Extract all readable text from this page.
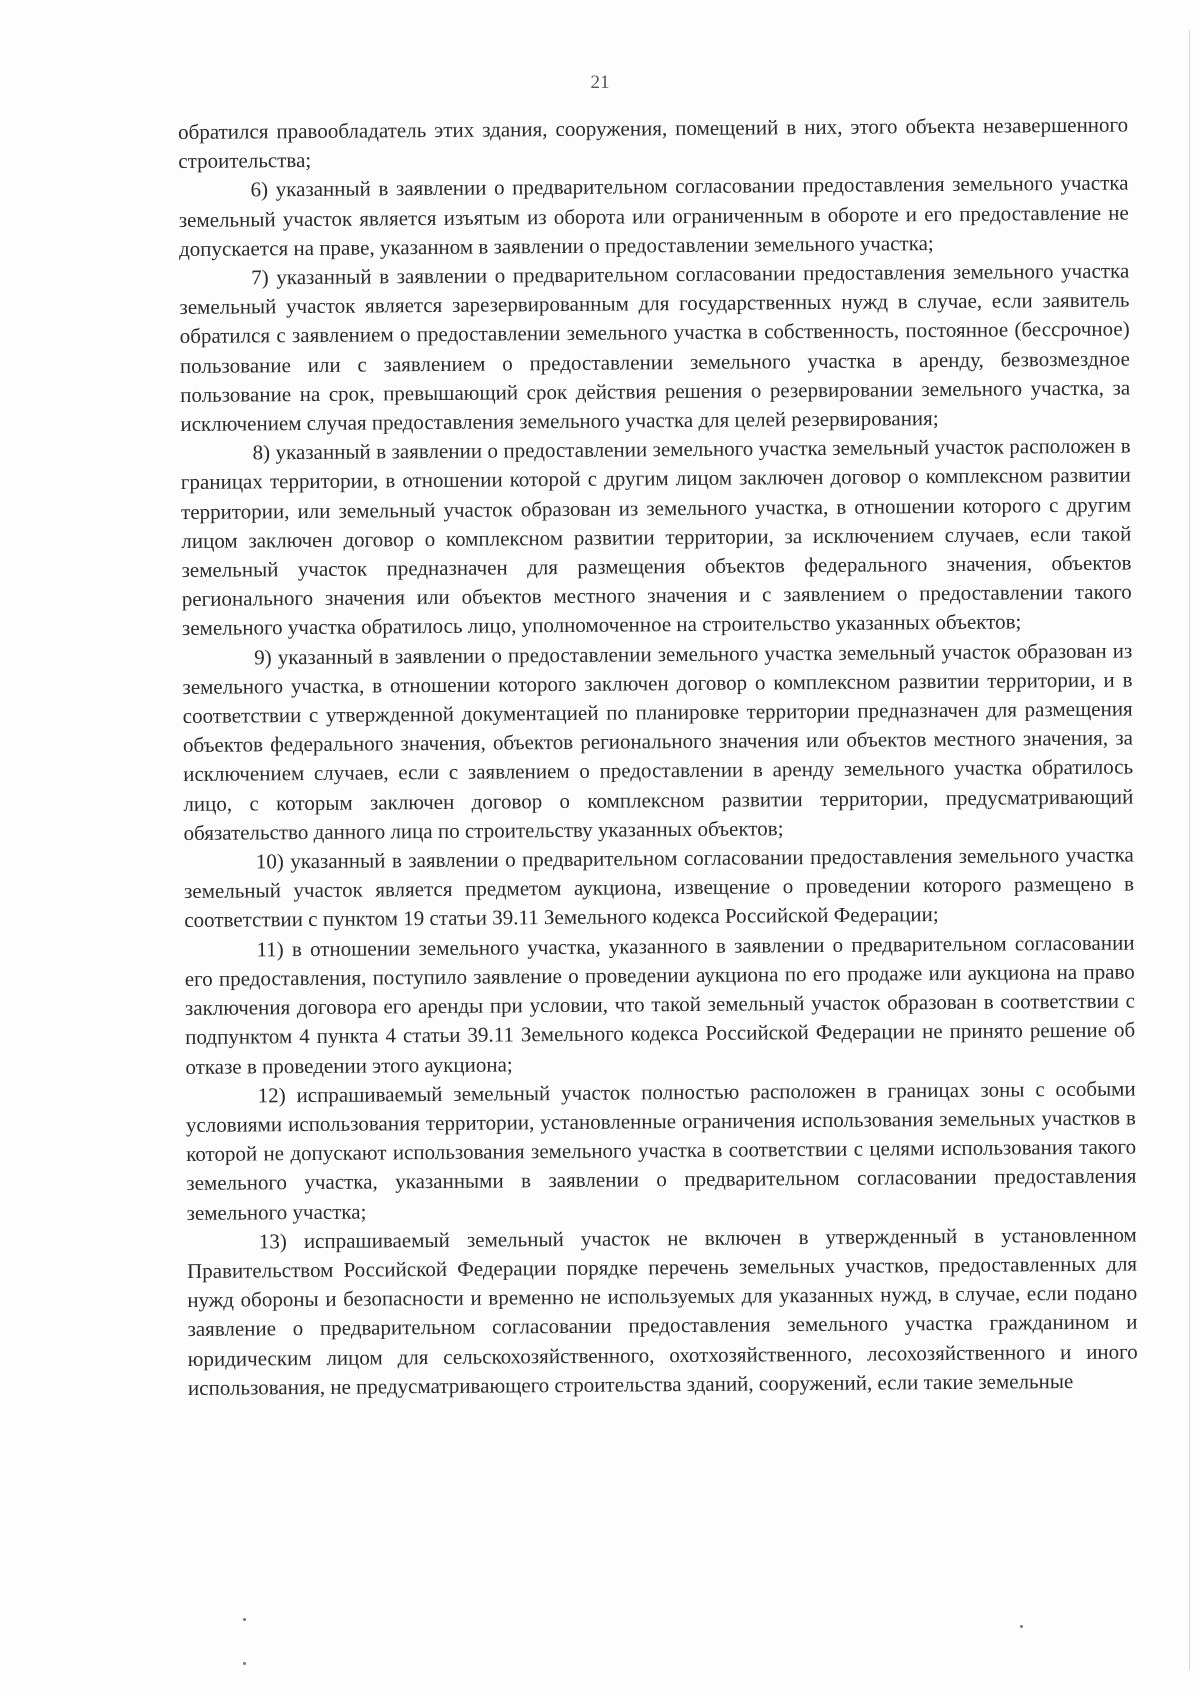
21

обратился правообладатель этих здания, сооружения, помещений в них, этого объекта незавершенного строительства;

6) указанный в заявлении о предварительном согласовании предоставления земельного участка земельный участок является изъятым из оборота или ограниченным в обороте и его предоставление не допускается на праве, указанном в заявлении о предоставлении земельного участка;

7) указанный в заявлении о предварительном согласовании предоставления земельного участка земельный участок является зарезервированным для государственных нужд в случае, если заявитель обратился с заявлением о предоставлении земельного участка в собственность, постоянное (бессрочное) пользование или с заявлением о предоставлении земельного участка в аренду, безвозмездное пользование на срок, превышающий срок действия решения о резервировании земельного участка, за исключением случая предоставления земельного участка для целей резервирования;

8) указанный в заявлении о предоставлении земельного участка земельный участок расположен в границах территории, в отношении которой с другим лицом заключен договор о комплексном развитии территории, или земельный участок образован из земельного участка, в отношении которого с другим лицом заключен договор о комплексном развитии территории, за исключением случаев, если такой земельный участок предназначен для размещения объектов федерального значения, объектов регионального значения или объектов местного значения и с заявлением о предоставлении такого земельного участка обратилось лицо, уполномоченное на строительство указанных объектов;

9) указанный в заявлении о предоставлении земельного участка земельный участок образован из земельного участка, в отношении которого заключен договор о комплексном развитии территории, и в соответствии с утвержденной документацией по планировке территории предназначен для размещения объектов федерального значения, объектов регионального значения или объектов местного значения, за исключением случаев, если с заявлением о предоставлении в аренду земельного участка обратилось лицо, с которым заключен договор о комплексном развитии территории, предусматривающий обязательство данного лица по строительству указанных объектов;

10) указанный в заявлении о предварительном согласовании предоставления земельного участка земельный участок является предметом аукциона, извещение о проведении которого размещено в соответствии с пунктом 19 статьи 39.11 Земельного кодекса Российской Федерации;

11) в отношении земельного участка, указанного в заявлении о предварительном согласовании его предоставления, поступило заявление о проведении аукциона по его продаже или аукциона на право заключения договора его аренды при условии, что такой земельный участок образован в соответствии с подпунктом 4 пункта 4 статьи 39.11 Земельного кодекса Российской Федерации не принято решение об отказе в проведении этого аукциона;

12) испрашиваемый земельный участок полностью расположен в границах зоны с особыми условиями использования территории, установленные ограничения использования земельных участков в которой не допускают использования земельного участка в соответствии с целями использования такого земельного участка, указанными в заявлении о предварительном согласовании предоставления земельного участка;

13) испрашиваемый земельный участок не включен в утвержденный в установленном Правительством Российской Федерации порядке перечень земельных участков, предоставленных для нужд обороны и безопасности и временно не используемых для указанных нужд, в случае, если подано заявление о предварительном согласовании предоставления земельного участка гражданином и юридическим лицом для сельскохозяйственного, охотхозяйственного, лесохозяйственного и иного использования, не предусматривающего строительства зданий, сооружений, если такие земельные
